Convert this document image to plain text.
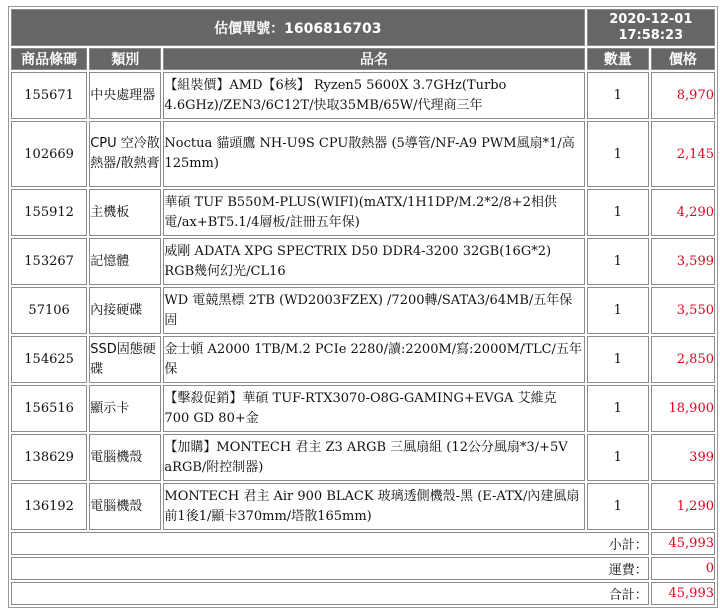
估價單號：1606816703			2020-12-01
17:58:23	

商品條碼	類別	品名	數量	價格
155671	中央處理器	【組裝價】AMD【6核】 Ryzen5 5600X 3.7GHz(Turbo 4.6GHz)/ZEN3/6C12T/快取35MB/65W/代理商三年	1	8,970
102669	CPU 空冷散熱器/散熱膏	Noctua 貓頭鷹 NH-U9S CPU散熱器 (5導管/NF-A9 PWM風扇*1/高125mm)	1	2,145
155912	主機板	華碩 TUF B550M-PLUS(WIFI)(mATX/1H1DP/M.2*2/8+2相供電/ax+BT5.1/4層板/註冊五年保)	1	4,290
153267	記憶體	威剛 ADATA XPG SPECTRIX D50 DDR4-3200 32GB(16G*2) RGB幾何幻光/CL16	1	3,599
57106	內接硬碟	WD 電競黑標 2TB (WD2003FZEX) /7200轉/SATA3/64MB/五年保固	1	3,550
154625	SSD固態硬碟	金士頓 A2000 1TB/M.2 PCIe 2280/讀:2200M/寫:2000M/TLC/五年保	1	2,850
156516	顯示卡	【擊殺促銷】華碩 TUF-RTX3070-O8G-GAMING+EVGA 艾維克 700 GD 80+金	1	18,900
138629	電腦機殼	【加購】MONTECH 君主 Z3 ARGB 三風扇組 (12公分風扇*3/+5V aRGB/附控制器)	1	399
136192	電腦機殼	MONTECH 君主 Air 900 BLACK 玻璃透側機殼-黑 (E-ATX/內建風扇前1後1/顯卡370mm/塔散165mm)	1	1,290
小計：				45,993
運費：				0
合計：				45,993
